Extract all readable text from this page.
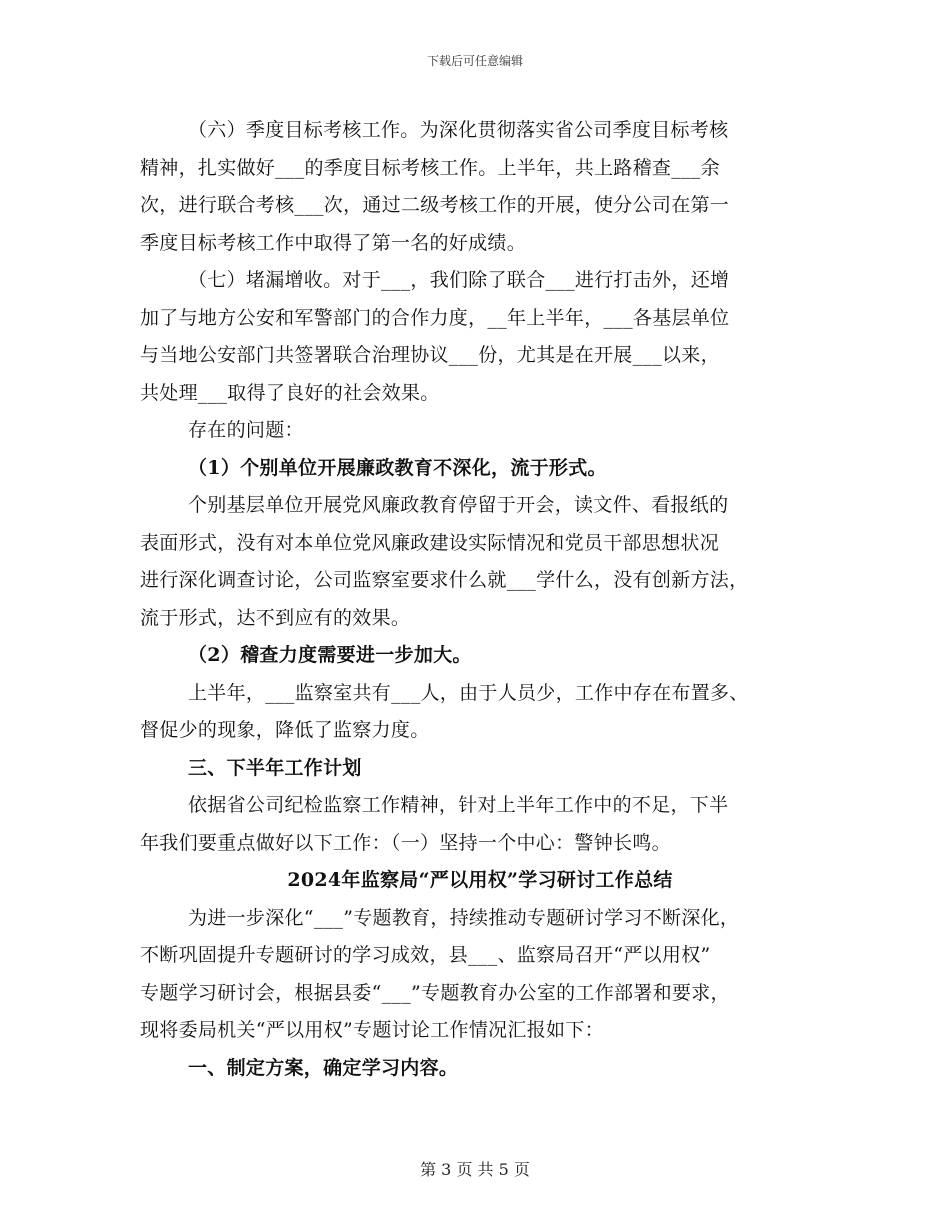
下载后可任意编辑
（六）季度目标考核工作。为深化贯彻落实省公司季度目标考核
精神，扎实做好___的季度目标考核工作。上半年，共上路稽查___余
次，进行联合考核___次，通过二级考核工作的开展，使分公司在第一
季度目标考核工作中取得了第一名的好成绩。
（七）堵漏增收。对于___，我们除了联合___进行打击外，还增
加了与地方公安和军警部门的合作力度，__年上半年，___各基层单位
与当地公安部门共签署联合治理协议___份，尤其是在开展___以来，
共处理___取得了良好的社会效果。
存在的问题：
（1）个别单位开展廉政教育不深化，流于形式。
个别基层单位开展党风廉政教育停留于开会，读文件、看报纸的
表面形式，没有对本单位党风廉政建设实际情况和党员干部思想状况
进行深化调查讨论，公司监察室要求什么就___学什么，没有创新方法，
流于形式，达不到应有的效果。
（2）稽查力度需要进一步加大。
上半年，___监察室共有___人，由于人员少，工作中存在布置多、
督促少的现象，降低了监察力度。
三、下半年工作计划
依据省公司纪检监察工作精神，针对上半年工作中的不足，下半
年我们要重点做好以下工作：（一）坚持一个中心：警钟长鸣。
2024年监察局“严以用权”学习研讨工作总结
为进一步深化“___”专题教育，持续推动专题研讨学习不断深化，
不断巩固提升专题研讨的学习成效，县___、监察局召开“严以用权”
专题学习研讨会，根据县委“___”专题教育办公室的工作部署和要求，
现将委局机关“严以用权”专题讨论工作情况汇报如下：
一、制定方案，确定学习内容。
第 3 页 共 5 页
